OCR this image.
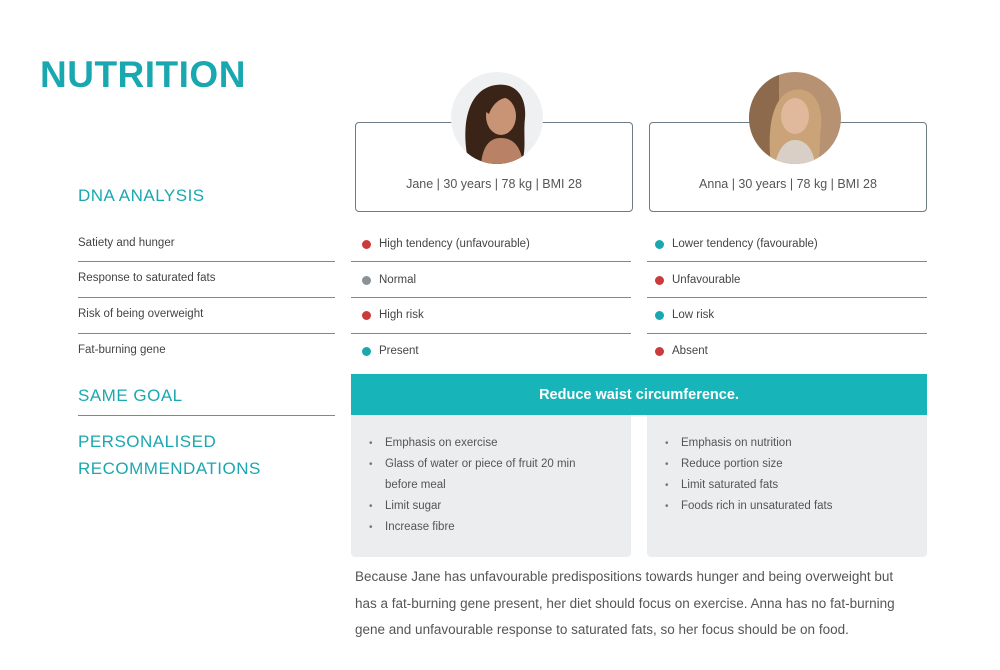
NUTRITION
DNA ANALYSIS
SAME GOAL
PERSONALISED
RECOMMENDATIONS
Jane | 30 years | 78 kg | BMI 28	Anna | 30 years | 78 kg | BMI 28
Satiety and hunger
Response to saturated fats
Risk of being overweight
Fat-burning gene
High tendency (unfavourable)
Normal
High risk
Present
Lower tendency (favourable)
Unfavourable
Low risk
Absent
Reduce waist circumference.
• Emphasis on exercise
• Glass of water or piece of fruit 20 min
before meal
• Limit sugar
• Increase fibre
• Emphasis on nutrition
• Reduce portion size
• Limit saturated fats
• Foods rich in unsaturated fats
Because Jane has unfavourable predispositions towards hunger and being overweight but
has a fat-burning gene present, her diet should focus on exercise. Anna has no fat-burning
gene and unfavourable response to saturated fats, so her focus should be on food.
